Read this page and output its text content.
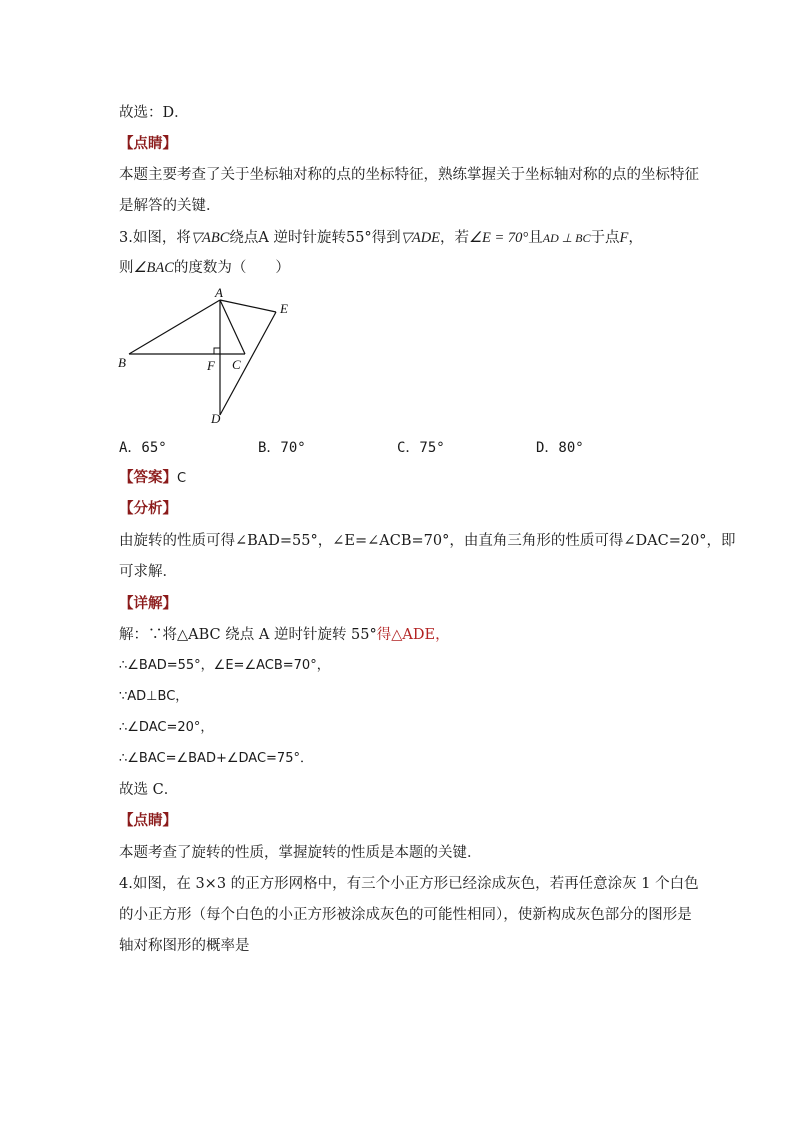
故选：D．
【点睛】
本题主要考查了关于坐标轴对称的点的坐标特征，熟练掌握关于坐标轴对称的点的坐标特征
是解答的关键．
3.如图，将▽ABC绕点A 逆时针旋转55°得到▽ADE，若∠E = 70°且AD ⊥ BC于点F，
则∠BAC的度数为（　　）
A
B	C
D
E
F
A．65°	B．70°	C．75°	D．80°
【答案】C
【分析】
由旋转的性质可得∠BAD=55°，∠E=∠ACB=70°，由直角三角形的性质可得∠DAC=20°，即
可求解．
【详解】
解：∵将△ABC 绕点 A 逆时针旋转 55°得△ADE，
∴∠BAD=55°，∠E=∠ACB=70°，
∵AD⊥BC，
∴∠DAC=20°，
∴∠BAC=∠BAD+∠DAC=75°．
故选 C．
【点睛】
本题考查了旋转的性质，掌握旋转的性质是本题的关键．
4.如图，在 3×3 的正方形网格中，有三个小正方形已经涂成灰色，若再任意涂灰 1 个白色
的小正方形（每个白色的小正方形被涂成灰色的可能性相同），使新构成灰色部分的图形是
轴对称图形的概率是
